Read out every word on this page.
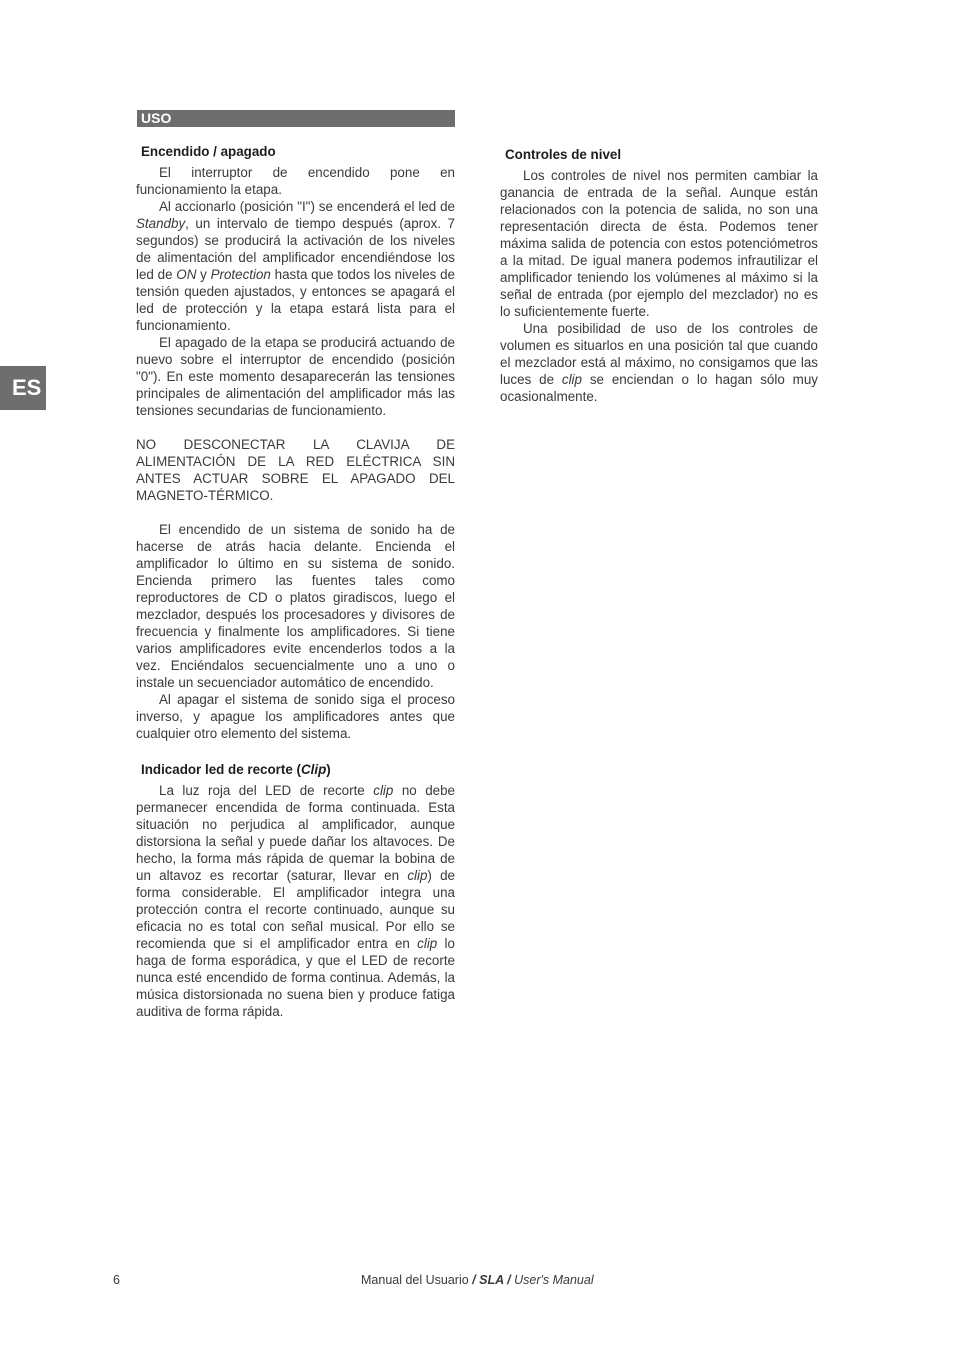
USO
ES

Encendido / apagado

El interruptor de encendido pone en funcionamiento la etapa.

Al accionarlo (posición "I") se encenderá el led de Standby, un intervalo de tiempo después (aprox. 7 segundos) se producirá la activación de los niveles de alimentación del amplificador encendiéndose los led de ON y Protection hasta que todos los niveles de tensión queden ajustados, y entonces se apagará el led de protección y la etapa estará lista para el funcionamiento.

El apagado de la etapa se producirá actuando de nuevo sobre el interruptor de encendido (posición "0"). En este momento desaparecerán las tensiones principales de alimentación del amplificador más las tensiones secundarias de funcionamiento.

NO DESCONECTAR LA CLAVIJA DE ALIMENTACIÓN DE LA RED ELÉCTRICA SIN ANTES ACTUAR SOBRE EL APAGADO DEL MAGNETO-TÉRMICO.

El encendido de un sistema de sonido ha de hacerse de atrás hacia delante. Encienda el amplificador lo último en su sistema de sonido. Encienda primero las fuentes tales como reproductores de CD o platos giradiscos, luego el mezclador, después los procesadores y divisores de frecuencia y finalmente los amplificadores. Si tiene varios amplificadores evite encenderlos todos a la vez. Enciéndalos secuencialmente uno a uno o instale un secuenciador automático de encendido.

Al apagar el sistema de sonido siga el proceso inverso, y apague los amplificadores antes que cualquier otro elemento del sistema.

Indicador led de recorte (Clip)

La luz roja del LED de recorte clip no debe permanecer encendida de forma continuada. Esta situación no perjudica al amplificador, aunque distorsiona la señal y puede dañar los altavoces. De hecho, la forma más rápida de quemar la bobina de un altavoz es recortar (saturar, llevar en clip) de forma considerable. El amplificador integra una protección contra el recorte continuado, aunque su eficacia no es total con señal musical. Por ello se recomienda que si el amplificador entra en clip lo haga de forma esporádica, y que el LED de recorte nunca esté encendido de forma continua. Además, la música distorsionada no suena bien y produce fatiga auditiva de forma rápida.

Controles de nivel

Los controles de nivel nos permiten cambiar la ganancia de entrada de la señal. Aunque están relacionados con la potencia de salida, no son una representación directa de ésta. Podemos tener máxima salida de potencia con estos potenciómetros a la mitad. De igual manera podemos infrautilizar el amplificador teniendo los volúmenes al máximo si la señal de entrada (por ejemplo del mezclador) no es lo suficientemente fuerte.

Una posibilidad de uso de los controles de volumen es situarlos en una posición tal que cuando el mezclador está al máximo, no consigamos que las luces de clip se enciendan o lo hagan sólo muy ocasionalmente.

6	Manual del Usuario / SLA / User's Manual
